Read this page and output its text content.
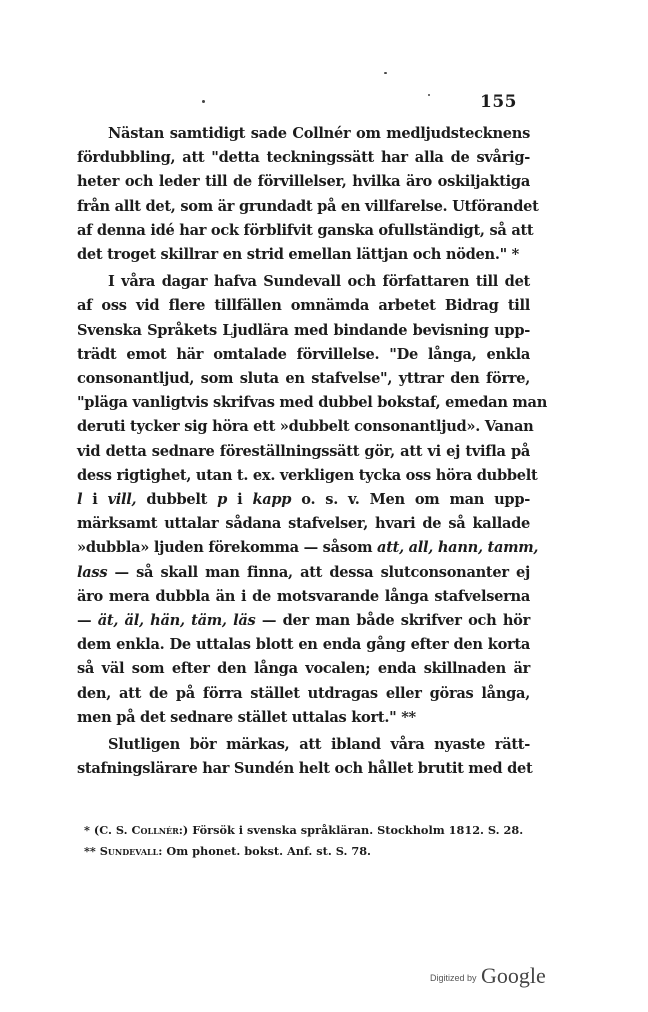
155
Nästan samtidigt sade Collnér om medljudstecknens
fördubbling, att "detta teckningssätt har alla de svårig-
heter och leder till de förvillelser, hvilka äro oskiljaktiga
från allt det, som är grundadt på en villfarelse. Utförandet
af denna idé har ock förblifvit ganska ofullständigt, så att
det troget skillrar en strid emellan lättjan och nöden." *
I våra dagar hafva Sundevall och författaren till det
af oss vid flere tillfällen omnämda arbetet Bidrag till
Svenska Språkets Ljudlära med bindande bevisning upp-
trädt emot här omtalade förvillelse. "De långa, enkla
consonantljud, som sluta en stafvelse", yttrar den förre,
"pläga vanligtvis skrifvas med dubbel bokstaf, emedan man
deruti tycker sig höra ett »dubbelt consonantljud». Vanan
vid detta sednare föreställningssätt gör, att vi ej tvifla på
dess rigtighet, utan t. ex. verkligen tycka oss höra dubbelt
l i vill, dubbelt p i kapp o. s. v. Men om man upp-
märksamt uttalar sådana stafvelser, hvari de så kallade
»dubbla» ljuden förekomma — såsom att, all, hann, tamm,
lass — så skall man finna, att dessa slutconsonanter ej
äro mera dubbla än i de motsvarande långa stafvelserna
— ät, äl, hän, täm, läs — der man både skrifver och hör
dem enkla. De uttalas blott en enda gång efter den korta
så väl som efter den långa vocalen; enda skillnaden är
den, att de på förra stället utdragas eller göras långa,
men på det sednare stället uttalas kort." **
Slutligen bör märkas, att ibland våra nyaste rätt-
stafningslärare har Sundén helt och hållet brutit med det
* (C. S. Collnér:) Försök i svenska språkläran. Stockholm 1812. S. 28.
** Sundevall: Om phonet. bokst. Anf. st. S. 78.
Digitized by Google
